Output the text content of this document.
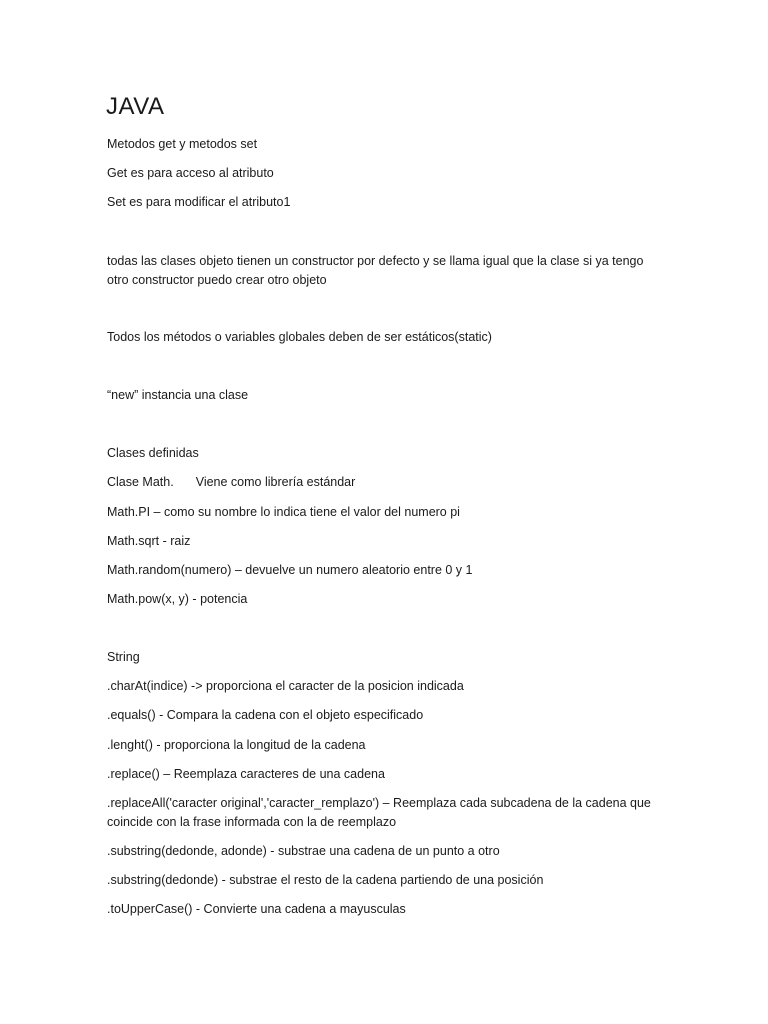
JAVA
Metodos get y metodos set
Get es para acceso al atributo
Set es para modificar el atributo1
todas las clases objeto tienen un constructor por defecto y se llama igual que la clase si ya tengo otro constructor puedo crear otro objeto
Todos los métodos o variables globales deben de ser estáticos(static)
“new” instancia una clase
Clases definidas
Clase Math. Viene como librería estándar
Math.PI – como su nombre lo indica tiene el valor del numero pi
Math.sqrt - raiz
Math.random(numero) – devuelve un numero aleatorio entre 0 y 1
Math.pow(x, y) - potencia
String
.charAt(indice) -> proporciona el caracter de la posicion indicada
.equals() - Compara la cadena con el objeto especificado
.lenght() - proporciona la longitud de la cadena
.replace() – Reemplaza caracteres de una cadena
.replaceAll('caracter original','caracter_remplazo') – Reemplaza cada subcadena de la cadena que coincide con la frase informada con la de reemplazo
.substring(dedonde, adonde) - substrae una cadena de un punto a otro
.substring(dedonde) - substrae el resto de la cadena partiendo de una posición
.toUpperCase() - Convierte una cadena a mayusculas
